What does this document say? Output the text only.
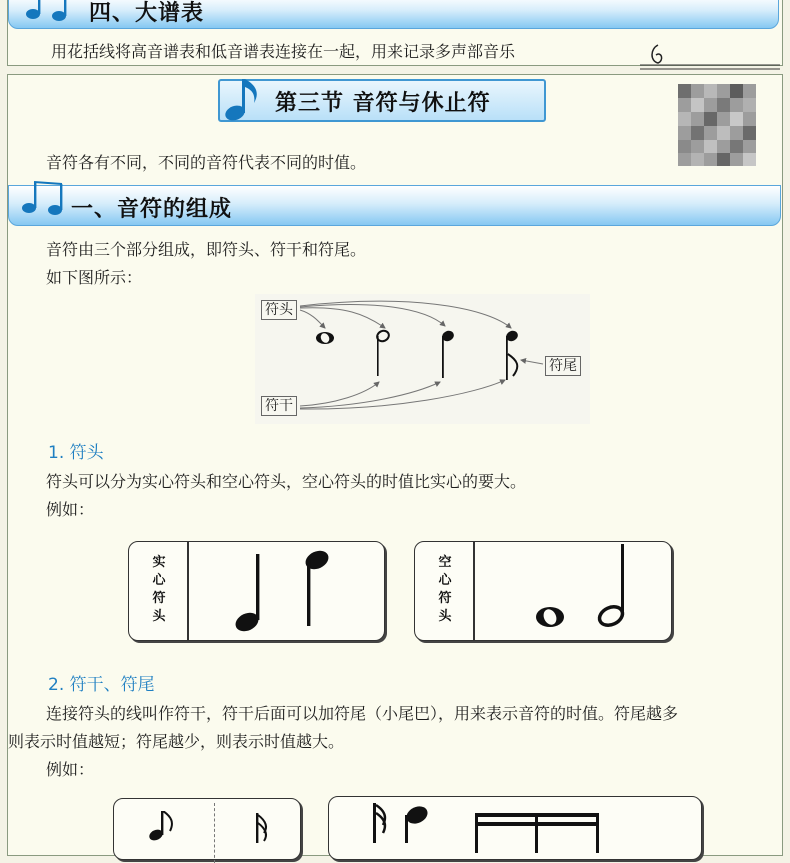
四、大谱表
用花括线将高音谱表和低音谱表连接在一起，用来记录多声部音乐
第三节 音符与休止符
音符各有不同，不同的音符代表不同的时值。
一、音符的组成
音符由三个部分组成，即符头、符干和符尾。
如下图所示：
符头
符干
符尾
1. 符头
符头可以分为实心符头和空心符头，空心符头的时值比实心的要大。
例如：
实心符头
空心符头
2. 符干、符尾
连接符头的线叫作符干，符干后面可以加符尾（小尾巴），用来表示音符的时值。符尾越多
则表示时值越短；符尾越少，则表示时值越大。
例如：
